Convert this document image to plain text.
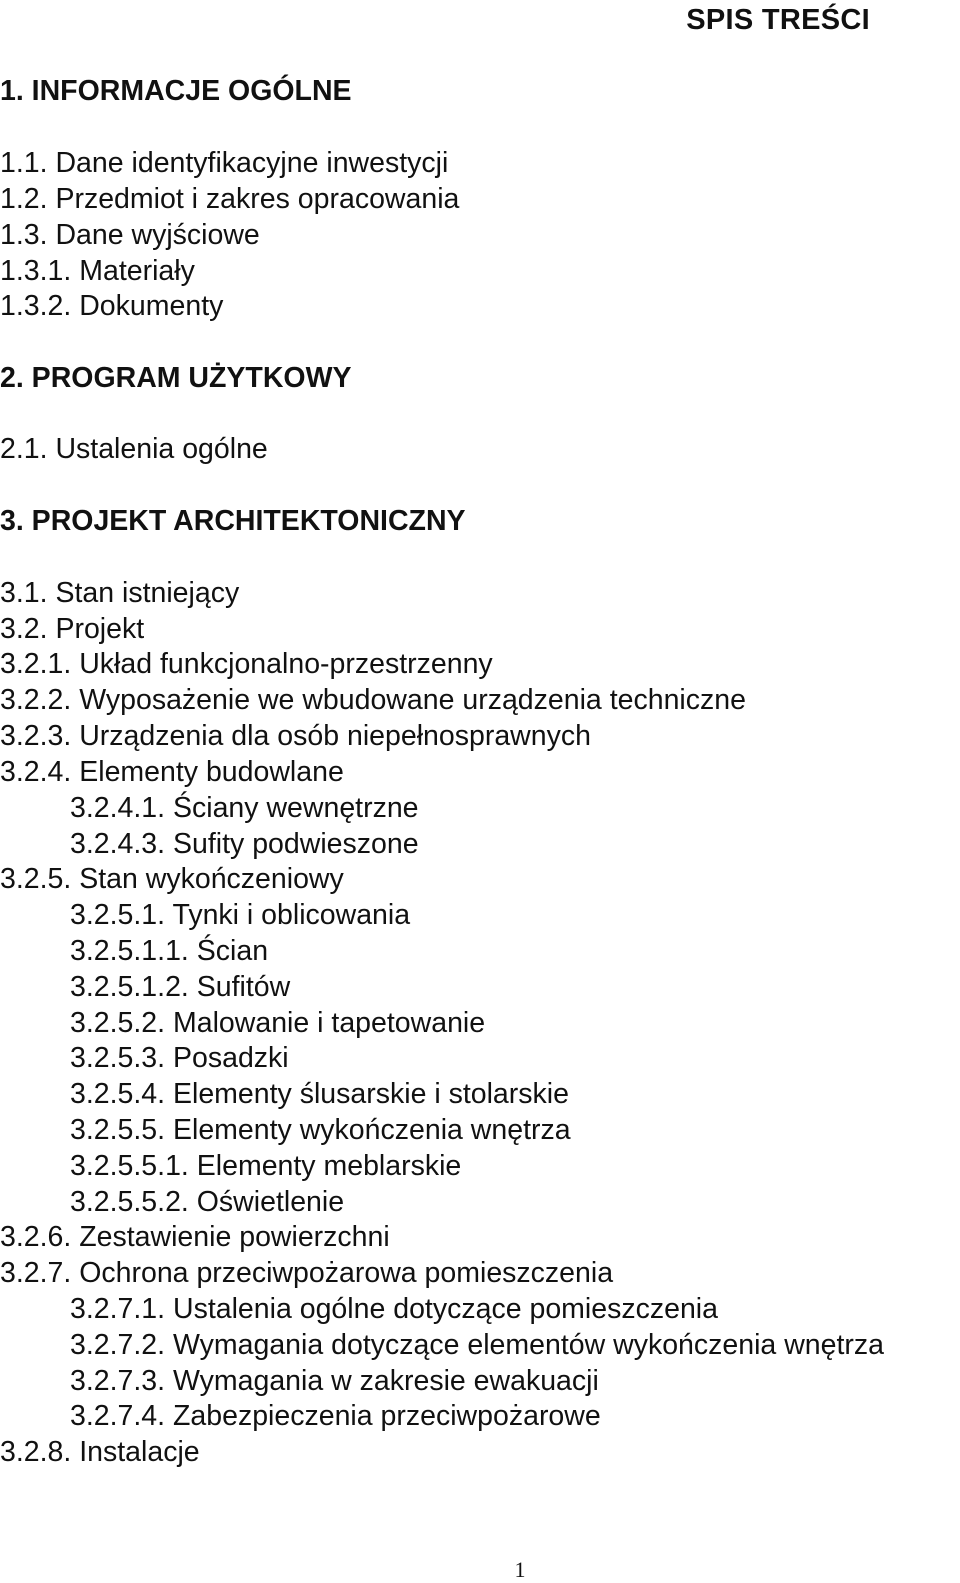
SPIS TREŚCI
1. INFORMACJE OGÓLNE
1.1. Dane identyfikacyjne inwestycji
1.2. Przedmiot i zakres opracowania
1.3. Dane wyjściowe
1.3.1. Materiały
1.3.2. Dokumenty
2. PROGRAM UŻYTKOWY
2.1. Ustalenia ogólne
3. PROJEKT ARCHITEKTONICZNY
3.1. Stan istniejący
3.2. Projekt
3.2.1. Układ funkcjonalno-przestrzenny
3.2.2. Wyposażenie we wbudowane urządzenia techniczne
3.2.3. Urządzenia dla osób niepełnosprawnych
3.2.4. Elementy budowlane
3.2.4.1. Ściany wewnętrzne
3.2.4.3. Sufity podwieszone
3.2.5. Stan wykończeniowy
3.2.5.1. Tynki i oblicowania
3.2.5.1.1. Ścian
3.2.5.1.2. Sufitów
3.2.5.2. Malowanie i tapetowanie
3.2.5.3. Posadzki
3.2.5.4. Elementy ślusarskie i stolarskie
3.2.5.5. Elementy wykończenia wnętrza
3.2.5.5.1. Elementy meblarskie
3.2.5.5.2. Oświetlenie
3.2.6. Zestawienie powierzchni
3.2.7. Ochrona przeciwpożarowa pomieszczenia
3.2.7.1. Ustalenia ogólne dotyczące pomieszczenia
3.2.7.2. Wymagania dotyczące elementów wykończenia wnętrza
3.2.7.3. Wymagania w zakresie ewakuacji
3.2.7.4. Zabezpieczenia przeciwpożarowe
3.2.8. Instalacje
1
